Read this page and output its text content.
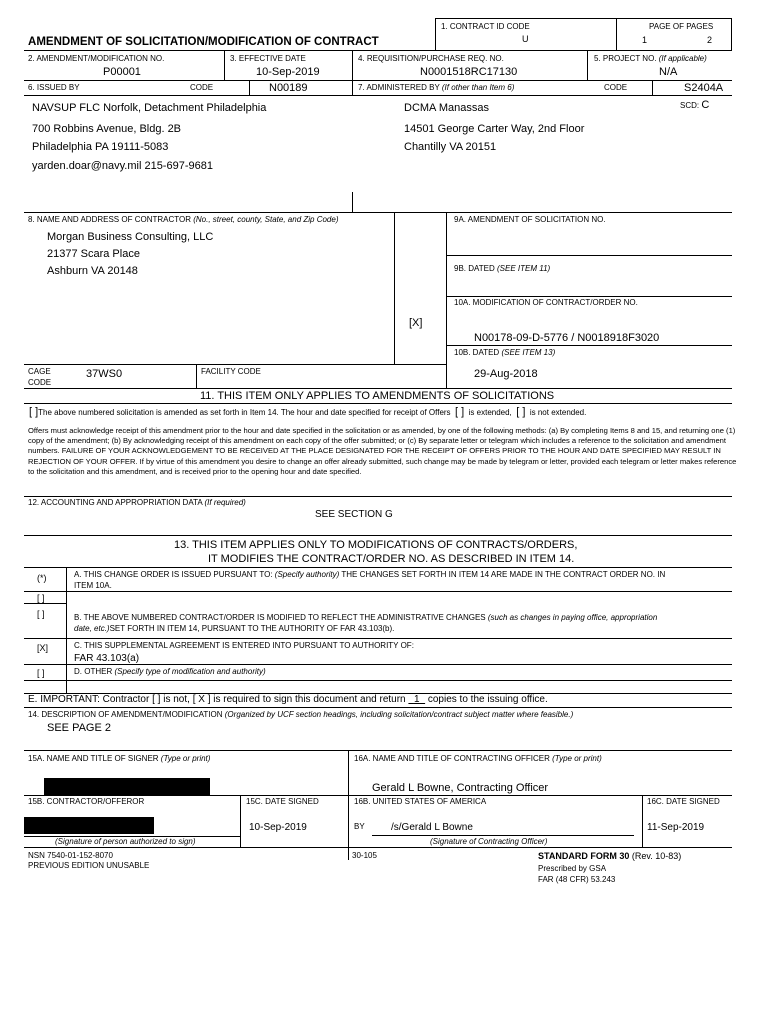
AMENDMENT OF SOLICITATION/MODIFICATION OF CONTRACT
1. CONTRACT ID CODE
U
PAGE OF PAGES
1	2
2. AMENDMENT/MODIFICATION NO.
P00001
3. EFFECTIVE DATE
10-Sep-2019
4. REQUISITION/PURCHASE REQ. NO.
N0001518RC17130
5. PROJECT NO. (If applicable)
N/A
6. ISSUED BY	CODE	N00189	7. ADMINISTERED BY (If other than Item 6)	CODE	S2404A
SCD: C
NAVSUP FLC Norfolk, Detachment Philadelphia
700 Robbins Avenue, Bldg. 2B
Philadelphia PA 19111-5083
yarden.doar@navy.mil 215-697-9681
DCMA Manassas
14501 George Carter Way, 2nd Floor
Chantilly VA 20151
8. NAME AND ADDRESS OF CONTRACTOR (No., street, county, State, and Zip Code)
Morgan Business Consulting, LLC
21377 Scara Place
Ashburn VA 20148
CAGE
CODE
37WS0	FACILITY CODE
9A. AMENDMENT OF SOLICITATION NO.
9B. DATED (SEE ITEM 11)
10A. MODIFICATION OF CONTRACT/ORDER NO.
[X]
N00178-09-D-5776 / N0018918F3020
10B. DATED (SEE ITEM 13)
29-Aug-2018
11. THIS ITEM ONLY APPLIES TO AMENDMENTS OF SOLICITATIONS
[ ]The above numbered solicitation is amended as set forth in Item 14. The hour and date specified for receipt of Offers [ ] is extended, [ ] is not extended.
Offers must acknowledge receipt of this amendment prior to the hour and date specified in the solicitation or as amended, by one of the following methods: (a) By completing Items 8 and 15, and returning one (1) copy of the amendment; (b) By acknowledging receipt of this amendment on each copy of the offer submitted; or (c) By separate letter or telegram which includes a reference to the solicitation and amendment numbers. FAILURE OF YOUR ACKNOWLEDGEMENT TO BE RECEIVED AT THE PLACE DESIGNATED FOR THE RECEIPT OF OFFERS PRIOR TO THE HOUR AND DATE SPECIFIED MAY RESULT IN REJECTION OF YOUR OFFER. If by virtue of this amendment you desire to change an offer already submitted, such change may be made by telegram or letter, provided each telegram or letter makes reference to the solicitation and this amendment, and is received prior to the opening hour and date specified.
12. ACCOUNTING AND APPROPRIATION DATA (If required)
SEE SECTION G
13. THIS ITEM APPLIES ONLY TO MODIFICATIONS OF CONTRACTS/ORDERS,
IT MODIFIES THE CONTRACT/ORDER NO. AS DESCRIBED IN ITEM 14.
(*)	A. THIS CHANGE ORDER IS ISSUED PURSUANT TO: (Specify authority) THE CHANGES SET FORTH IN ITEM 14 ARE MADE IN THE CONTRACT ORDER NO. IN
ITEM 10A.
[ ]
[ ]	B. THE ABOVE NUMBERED CONTRACT/ORDER IS MODIFIED TO REFLECT THE ADMINISTRATIVE CHANGES (such as changes in paying office, appropriation
date, etc.)SET FORTH IN ITEM 14, PURSUANT TO THE AUTHORITY OF FAR 43.103(b).
[X]	C. THIS SUPPLEMENTAL AGREEMENT IS ENTERED INTO PURSUANT TO AUTHORITY OF:
FAR 43.103(a)
[ ]	D. OTHER (Specify type of modification and authority)
E. IMPORTANT: Contractor [ ] is not, [ X ] is required to sign this document and return 1 copies to the issuing office.
14. DESCRIPTION OF AMENDMENT/MODIFICATION (Organized by UCF section headings, including solicitation/contract subject matter where feasible.)
SEE PAGE 2
15A. NAME AND TITLE OF SIGNER (Type or print)	16A. NAME AND TITLE OF CONTRACTING OFFICER (Type or print)
Gerald L Bowne, Contracting Officer
15B. CONTRACTOR/OFFEROR	15C. DATE SIGNED	16B. UNITED STATES OF AMERICA	16C. DATE SIGNED
10-Sep-2019	BY	/s/Gerald L Bowne	11-Sep-2019
(Signature of person authorized to sign)	(Signature of Contracting Officer)
NSN 7540-01-152-8070
PREVIOUS EDITION UNUSABLE
30-105	STANDARD FORM 30 (Rev. 10-83)
Prescribed by GSA
FAR (48 CFR) 53.243
